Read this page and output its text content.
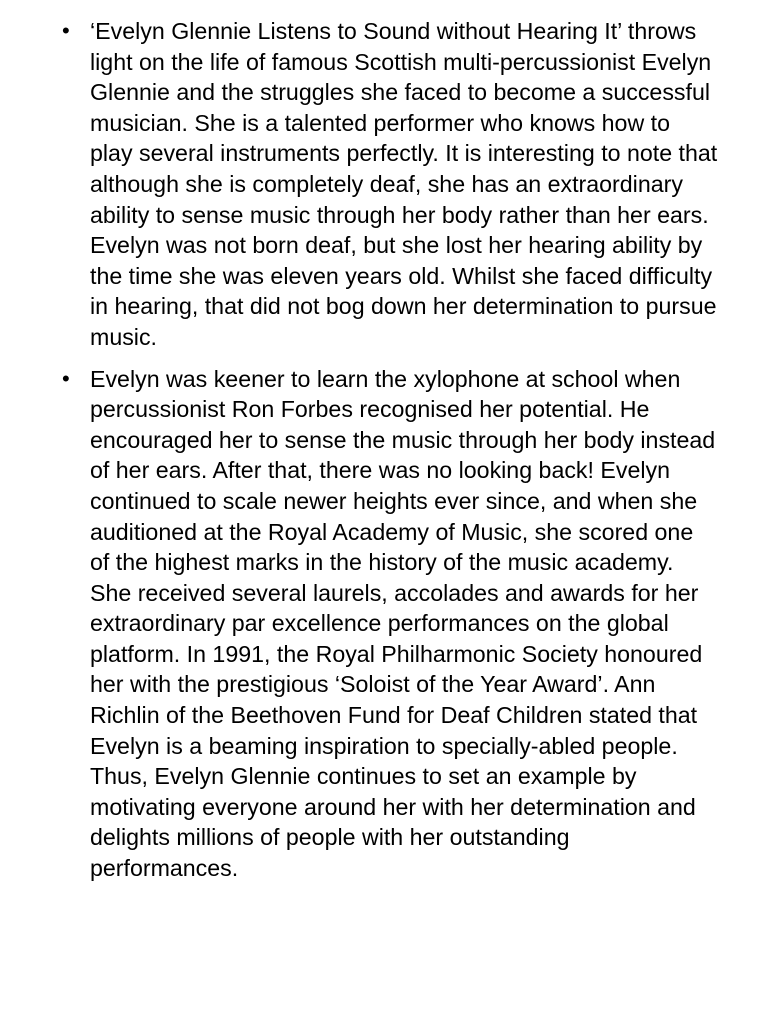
• ‘Evelyn Glennie Listens to Sound without Hearing It’ throws light on the life of famous Scottish multi-percussionist Evelyn Glennie and the struggles she faced to become a successful musician. She is a talented performer who knows how to play several instruments perfectly. It is interesting to note that although she is completely deaf, she has an extraordinary ability to sense music through her body rather than her ears. Evelyn was not born deaf, but she lost her hearing ability by the time she was eleven years old. Whilst she faced difficulty in hearing, that did not bog down her determination to pursue music.
• Evelyn was keener to learn the xylophone at school when percussionist Ron Forbes recognised her potential. He encouraged her to sense the music through her body instead of her ears. After that, there was no looking back! Evelyn continued to scale newer heights ever since, and when she auditioned at the Royal Academy of Music, she scored one of the highest marks in the history of the music academy. She received several laurels, accolades and awards for her extraordinary par excellence performances on the global platform. In 1991, the Royal Philharmonic Society honoured her with the prestigious ‘Soloist of the Year Award’. Ann Richlin of the Beethoven Fund for Deaf Children stated that Evelyn is a beaming inspiration to specially-abled people. Thus, Evelyn Glennie continues to set an example by motivating everyone around her with her determination and delights millions of people with her outstanding performances.
